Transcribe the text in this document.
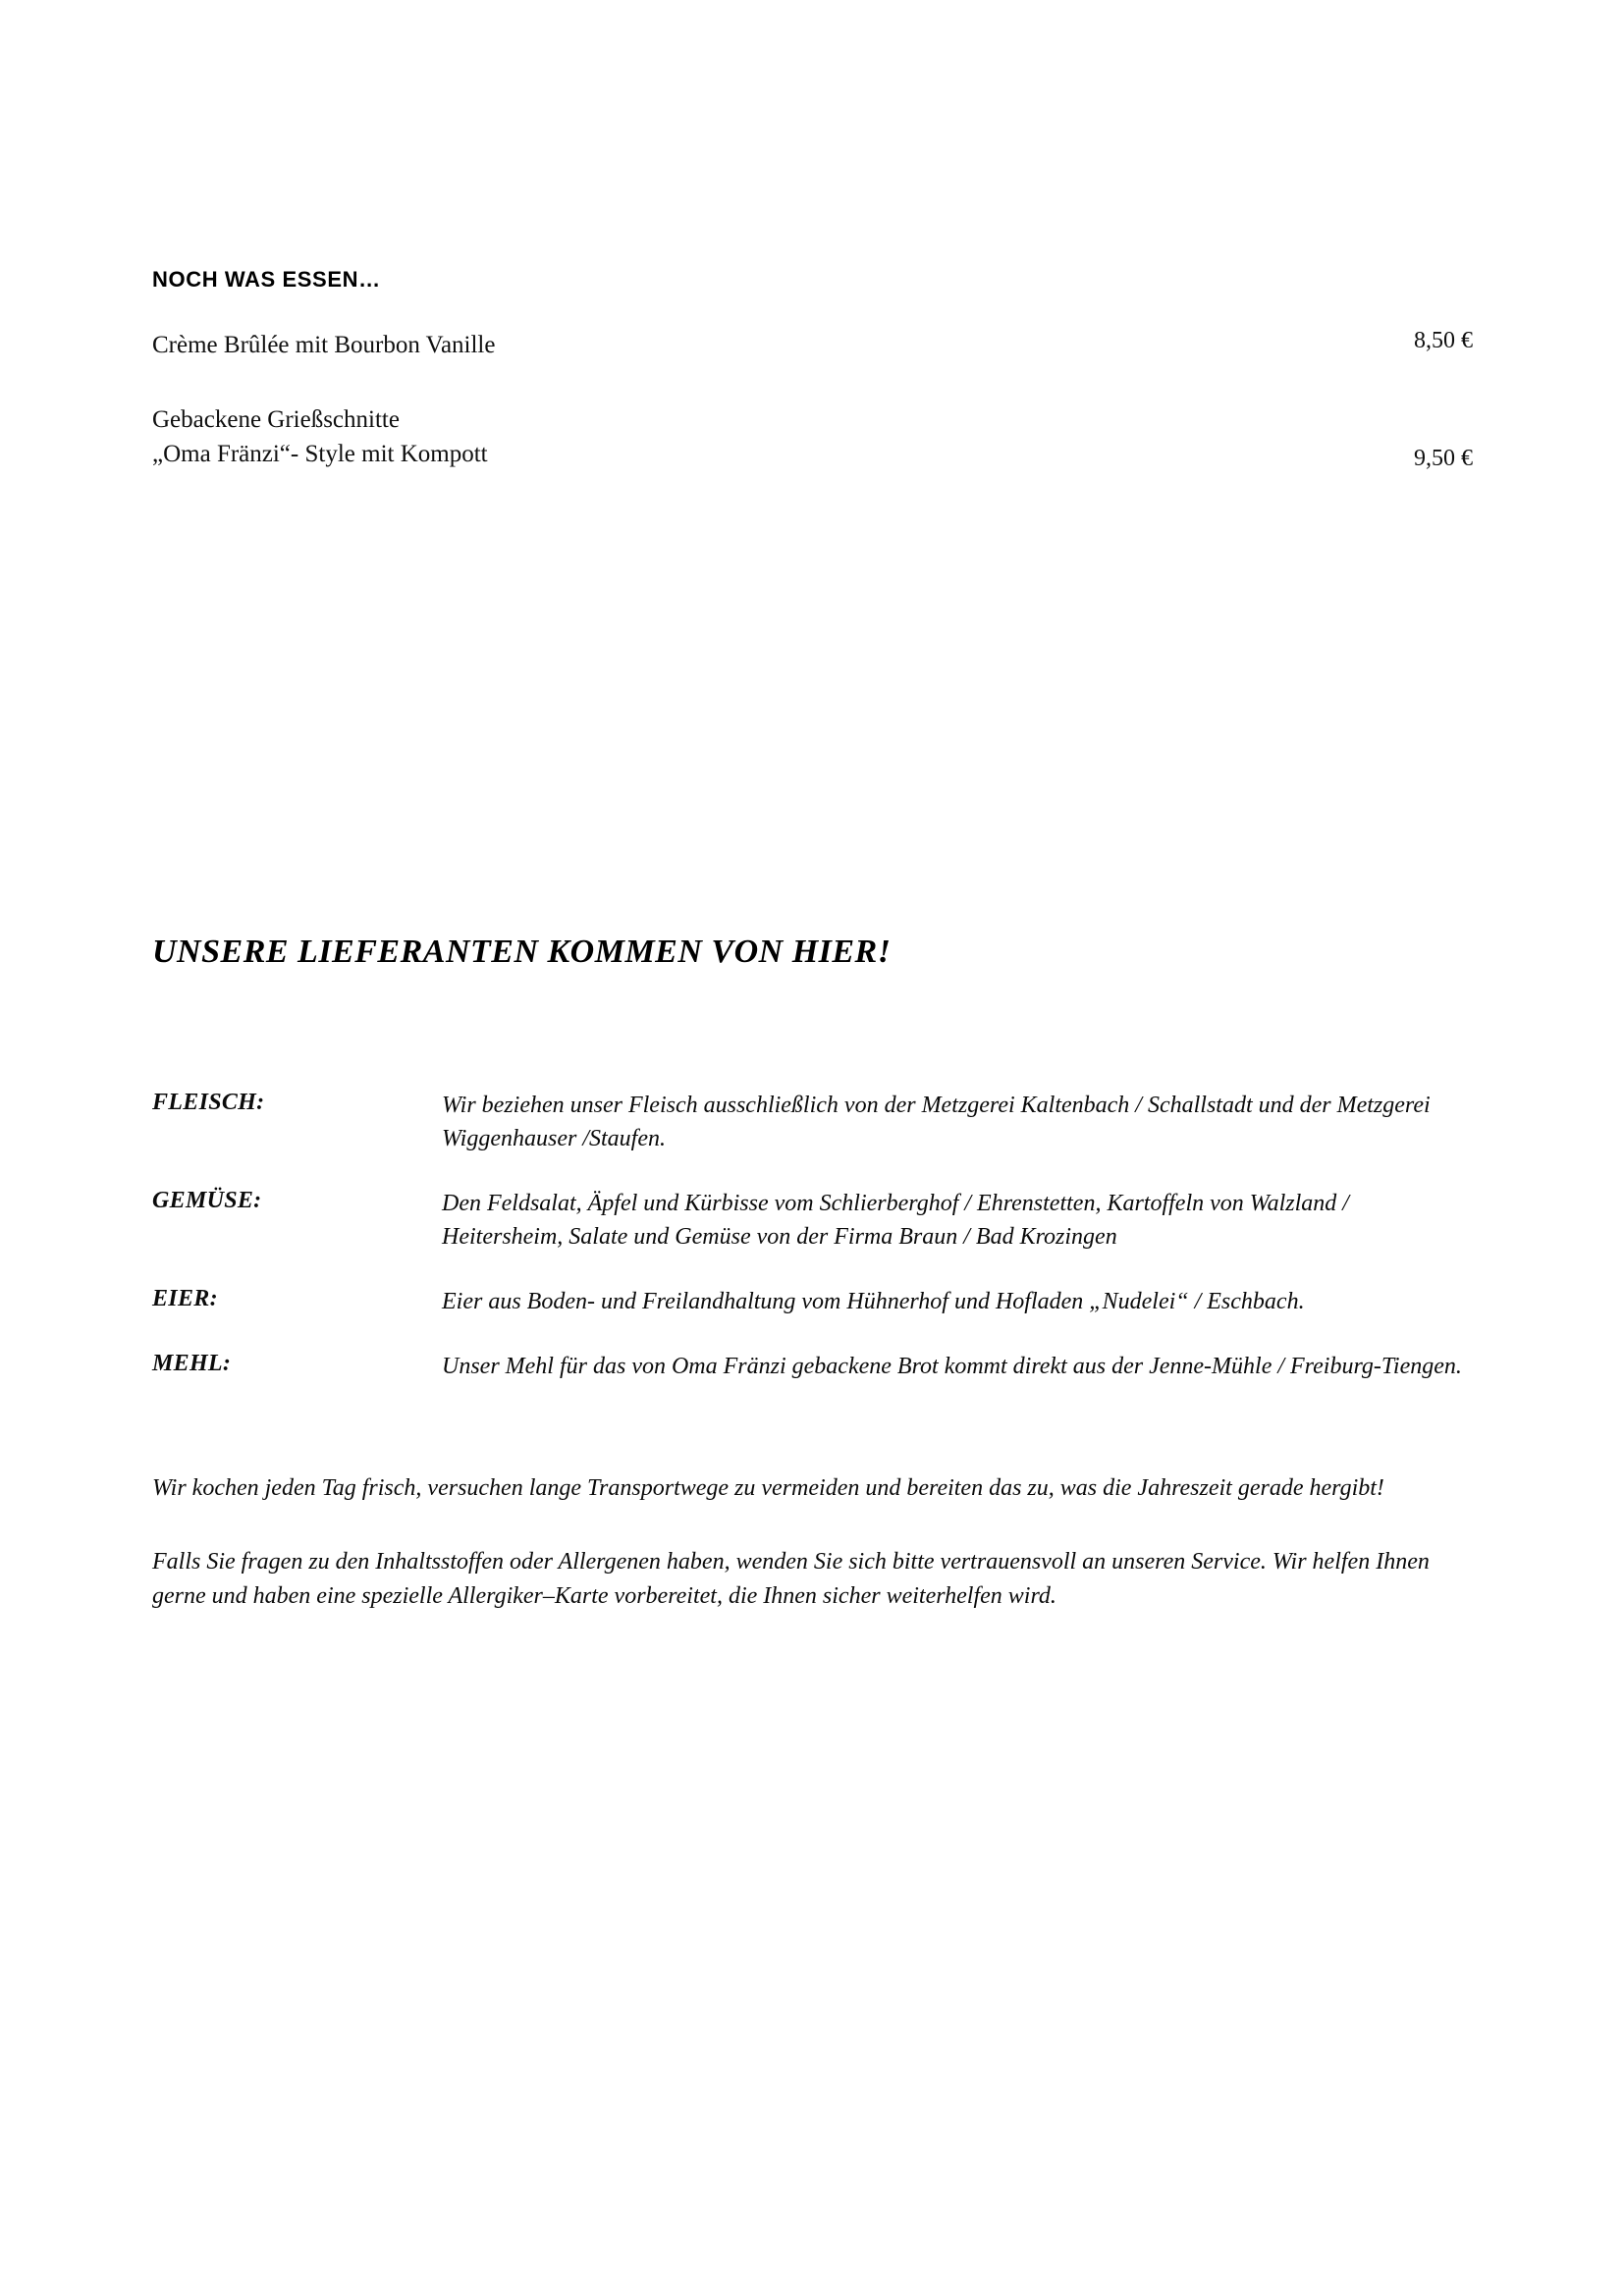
NOCH WAS ESSEN…
Crème Brûlée mit Bourbon Vanille	8,50 €
Gebackene Grießschnitte
„Oma Fränzi“- Style mit Kompott	9,50 €
UNSERE LIEFERANTEN KOMMEN VON HIER!
FLEISCH:	Wir beziehen unser Fleisch ausschließlich von der Metzgerei Kaltenbach / Schallstadt und der Metzgerei Wiggenhauser /Staufen.
GEMÜSE:	Den Feldsalat, Äpfel und Kürbisse vom Schlierberghof / Ehrenstetten, Kartoffeln von Walzland / Heitersheim, Salate und Gemüse von der Firma Braun / Bad Krozingen
EIER:	Eier aus Boden- und Freilandhaltung vom Hühnerhof und Hofladen „Nudelei“ / Eschbach.
MEHL:	Unser Mehl für das von Oma Fränzi gebackene Brot kommt direkt aus der Jenne-Mühle / Freiburg-Tiengen.
Wir kochen jeden Tag frisch, versuchen lange Transportwege zu vermeiden und bereiten das zu, was die Jahreszeit gerade hergibt!
Falls Sie fragen zu den Inhaltsstoffen oder Allergenen haben, wenden Sie sich bitte vertrauensvoll an unseren Service. Wir helfen Ihnen gerne und haben eine spezielle Allergiker–Karte vorbereitet, die Ihnen sicher weiterhelfen wird.
